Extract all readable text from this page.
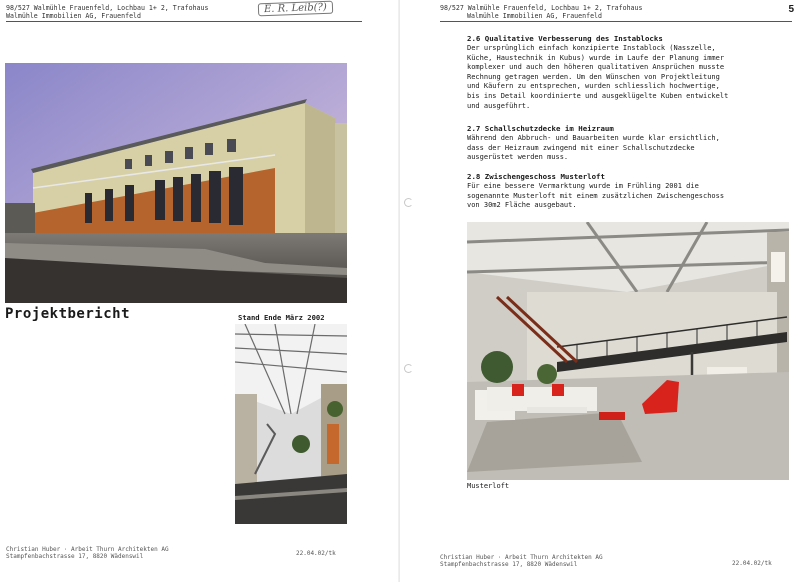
98/527 Walmühle Frauenfeld, Lochbau 1+ 2, Trafohaus
Walmühle Immobilien AG, Frauenfeld
E. R. Leib(?)
Projektbericht	Stand Ende März 2002
Christian Huber · Arbeit Thurn Architekten AG
Stampfenbachstrasse 17, 8820 Wädenswil	22.04.02/tk
98/527 Walmühle Frauenfeld, Lochbau 1+ 2, Trafohaus
Walmühle Immobilien AG, Frauenfeld
5
2.6 Qualitative Verbesserung des Instablocks
Der ursprünglich einfach konzipierte Instablock (Nasszelle,
Küche, Haustechnik in Kubus) wurde im Laufe der Planung immer
komplexer und auch den höheren qualitativen Ansprüchen musste
Rechnung getragen werden. Um den Wünschen von Projektleitung
und Käufern zu entsprechen, wurden schliesslich hochwertige,
bis ins Detail koordinierte und ausgeklügelte Kuben entwickelt
und ausgeführt.
2.7 Schallschutzdecke im Heizraum
Während den Abbruch- und Bauarbeiten wurde klar ersichtlich,
dass der Heizraum zwingend mit einer Schallschutzdecke
ausgerüstet werden muss.
2.8 Zwischengeschoss Musterloft
Für eine bessere Vermarktung wurde im Frühling 2001 die
sogenannte Musterloft mit einem zusätzlichen Zwischengeschoss
von 30m2 Fläche ausgebaut.
Musterloft
Christian Huber · Arbeit Thurn Architekten AG
Stampfenbachstrasse 17, 8820 Wädenswil	22.04.02/tk
